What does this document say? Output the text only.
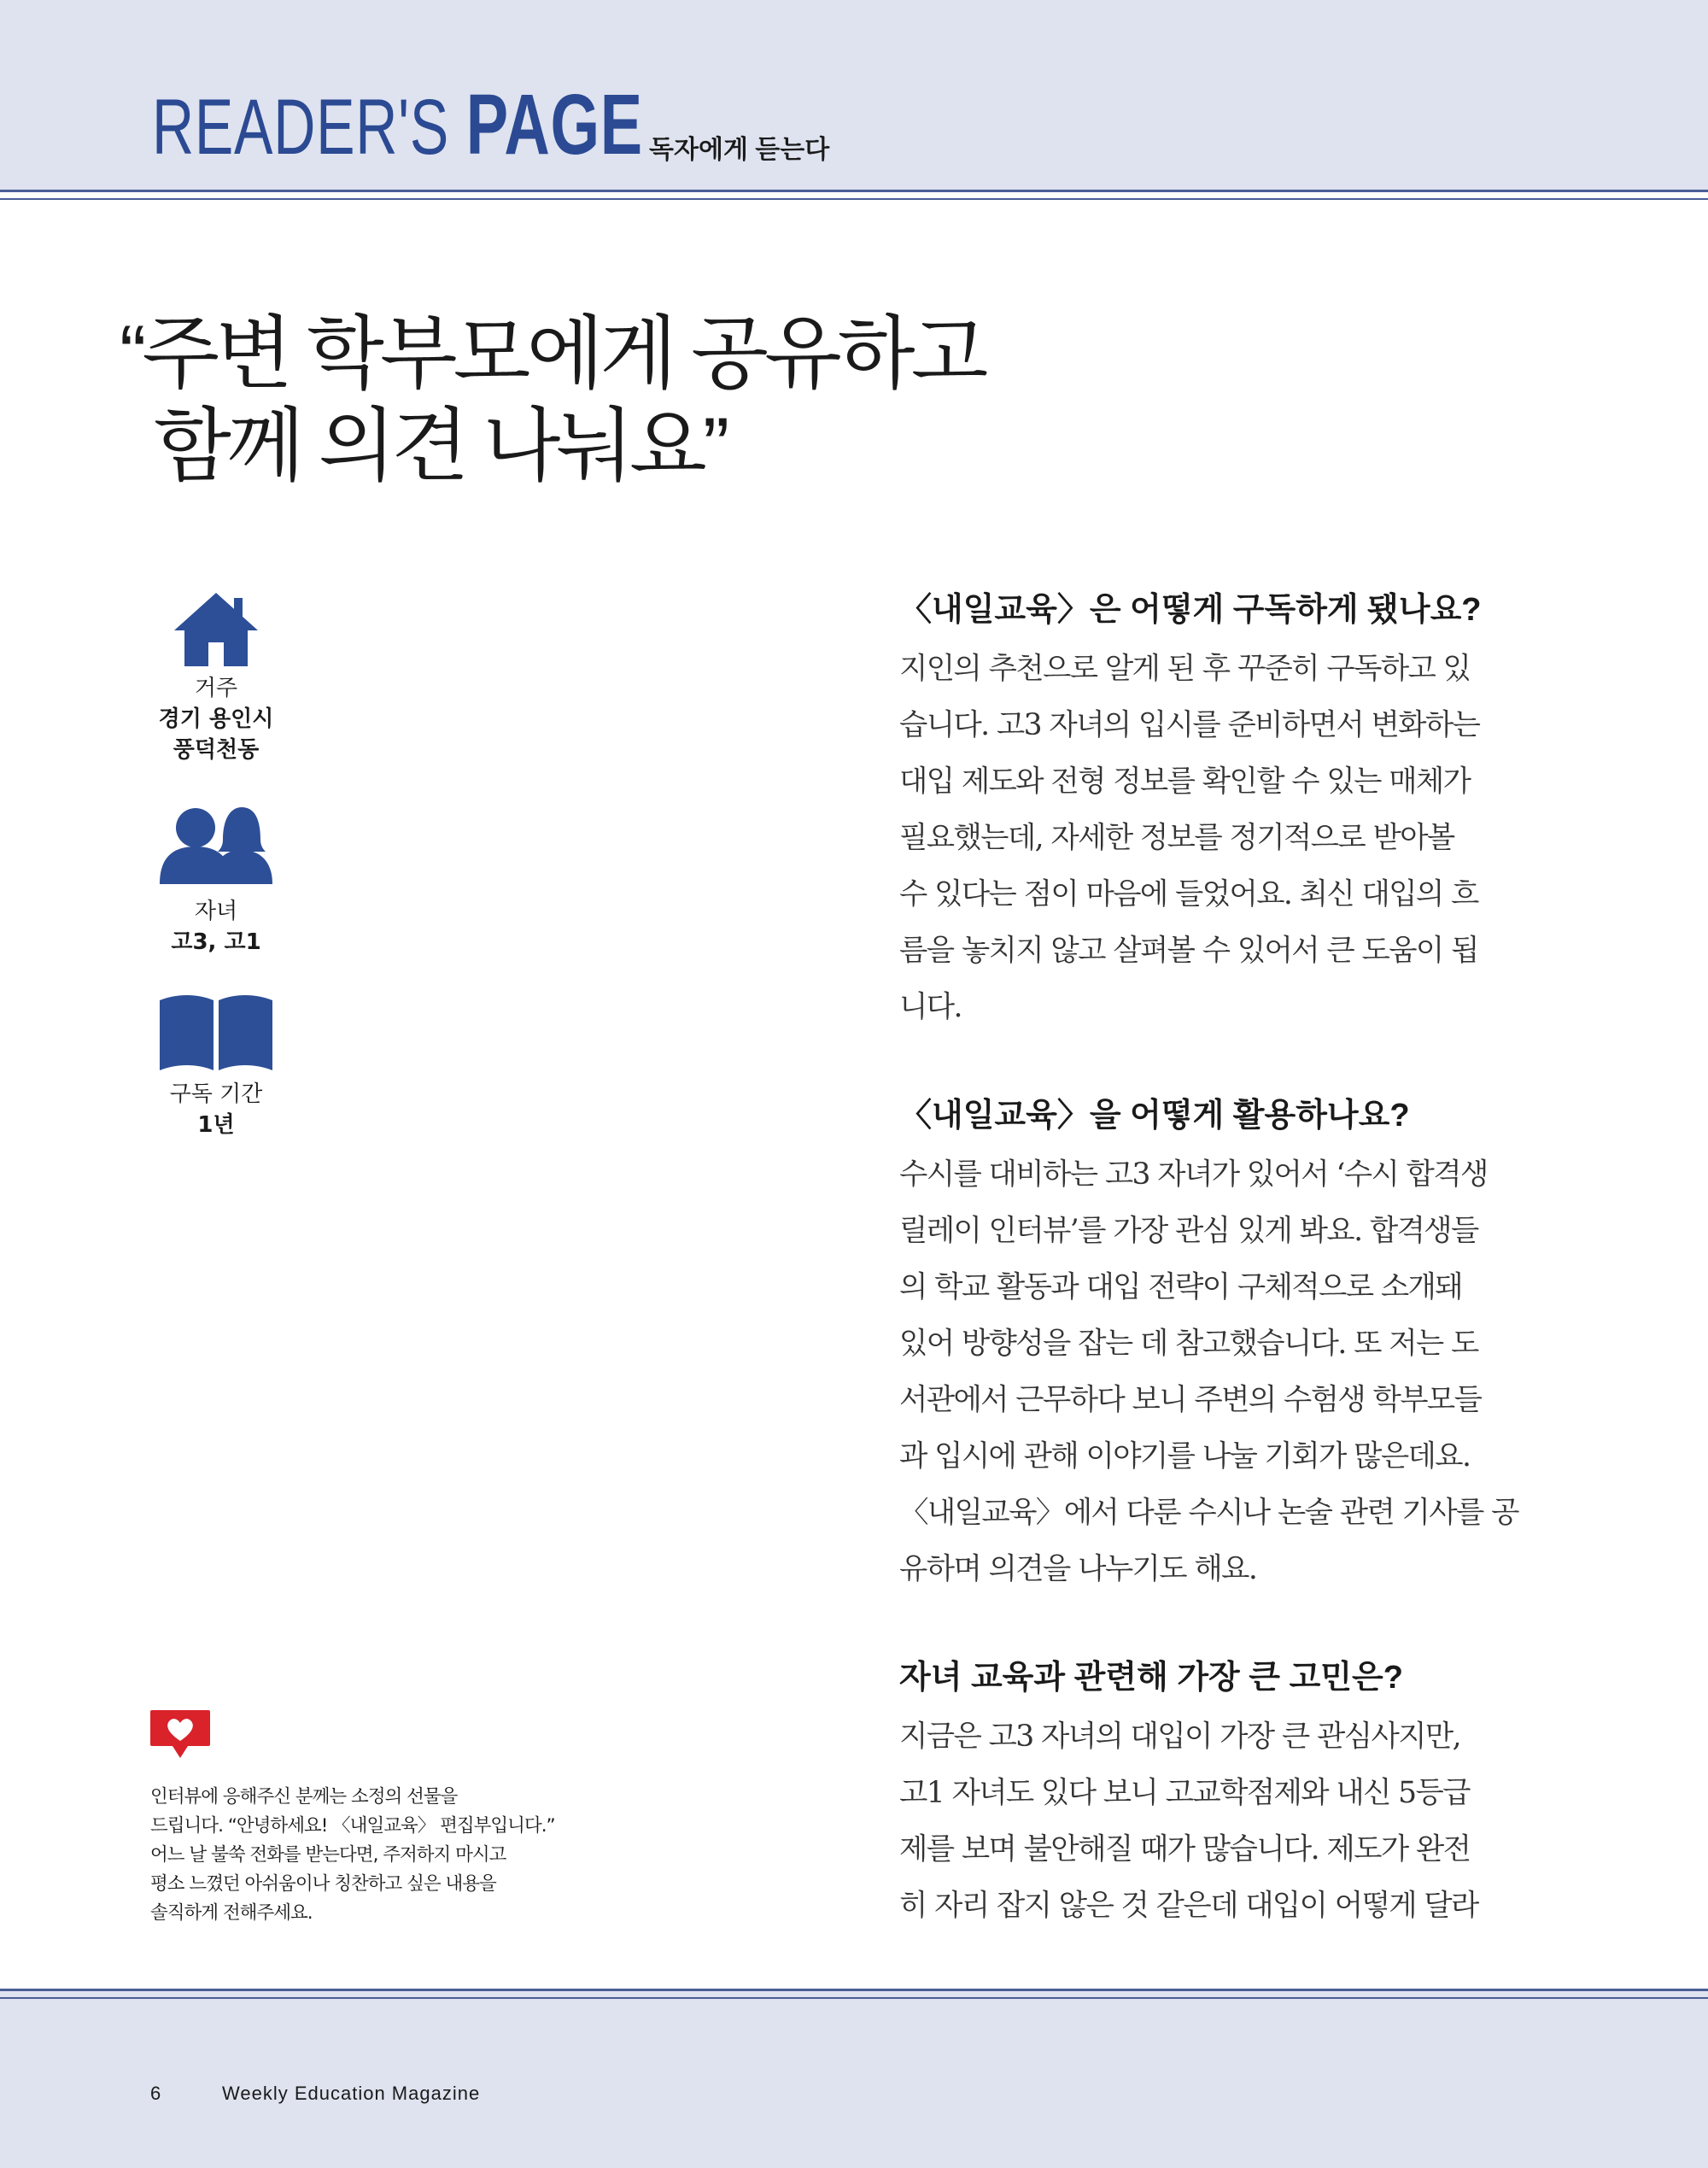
READER'S PAGE 독자에게 듣는다
“주변 학부모에게 공유하고
함께 의견 나눠요”
거주
경기 용인시
풍덕천동
자녀
고3, 고1
구독 기간
1년
인터뷰에 응해주신 분께는 소정의 선물을
드립니다. “안녕하세요! 〈내일교육〉 편집부입니다.”
어느 날 불쑥 전화를 받는다면, 주저하지 마시고
평소 느꼈던 아쉬움이나 칭찬하고 싶은 내용을
솔직하게 전해주세요.
〈내일교육〉은 어떻게 구독하게 됐나요?

지인의 추천으로 알게 된 후 꾸준히 구독하고 있
습니다. 고3 자녀의 입시를 준비하면서 변화하는
대입 제도와 전형 정보를 확인할 수 있는 매체가
필요했는데, 자세한 정보를 정기적으로 받아볼
수 있다는 점이 마음에 들었어요. 최신 대입의 흐
름을 놓치지 않고 살펴볼 수 있어서 큰 도움이 됩
니다.

〈내일교육〉을 어떻게 활용하나요?

수시를 대비하는 고3 자녀가 있어서 ‘수시 합격생
릴레이 인터뷰’를 가장 관심 있게 봐요. 합격생들
의 학교 활동과 대입 전략이 구체적으로 소개돼
있어 방향성을 잡는 데 참고했습니다. 또 저는 도
서관에서 근무하다 보니 주변의 수험생 학부모들
과 입시에 관해 이야기를 나눌 기회가 많은데요.
〈내일교육〉에서 다룬 수시나 논술 관련 기사를 공
유하며 의견을 나누기도 해요.

자녀 교육과 관련해 가장 큰 고민은?

지금은 고3 자녀의 대입이 가장 큰 관심사지만,
고1 자녀도 있다 보니 고교학점제와 내신 5등급
제를 보며 불안해질 때가 많습니다. 제도가 완전
히 자리 잡지 않은 것 같은데 대입이 어떻게 달라

6	Weekly Education Magazine
